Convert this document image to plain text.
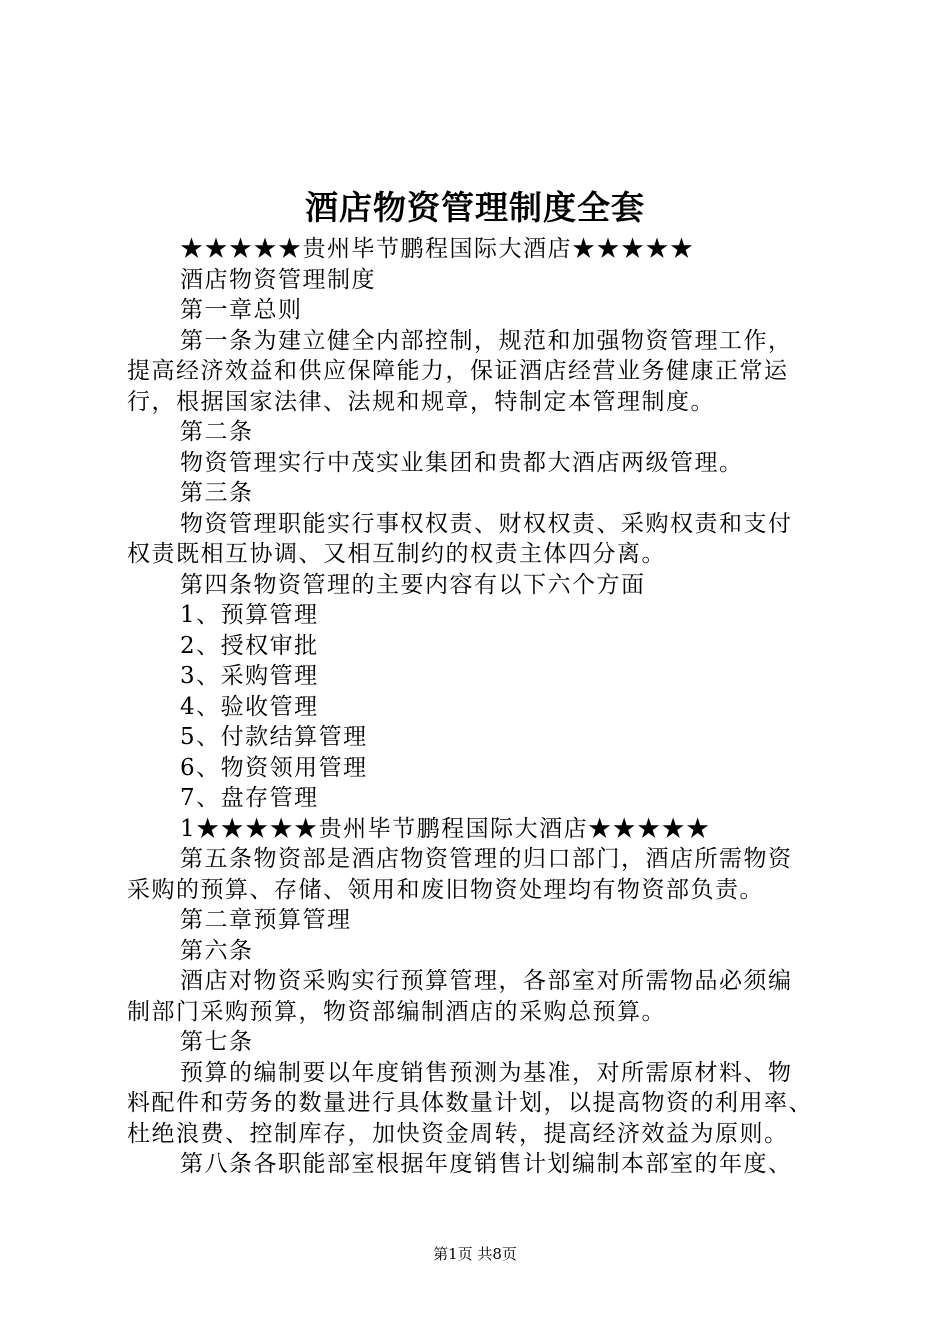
酒店物资管理制度全套
★★★★★贵州毕节鹏程国际大酒店★★★★★
酒店物资管理制度
第一章总则
第一条为建立健全内部控制，规范和加强物资管理工作，
提高经济效益和供应保障能力，保证酒店经营业务健康正常运
行，根据国家法律、法规和规章，特制定本管理制度。
第二条
物资管理实行中茂实业集团和贵都大酒店两级管理。
第三条
物资管理职能实行事权权责、财权权责、采购权责和支付
权责既相互协调、又相互制约的权责主体四分离。
第四条物资管理的主要内容有以下六个方面
1、预算管理
2、授权审批
3、采购管理
4、验收管理
5、付款结算管理
6、物资领用管理
7、盘存管理
1★★★★★贵州毕节鹏程国际大酒店★★★★★
第五条物资部是酒店物资管理的归口部门，酒店所需物资
采购的预算、存储、领用和废旧物资处理均有物资部负责。
第二章预算管理
第六条
酒店对物资采购实行预算管理，各部室对所需物品必须编
制部门采购预算，物资部编制酒店的采购总预算。
第七条
预算的编制要以年度销售预测为基准，对所需原材料、物
料配件和劳务的数量进行具体数量计划，以提高物资的利用率、
杜绝浪费、控制库存，加快资金周转，提高经济效益为原则。
第八条各职能部室根据年度销售计划编制本部室的年度、
第1页 共8页
